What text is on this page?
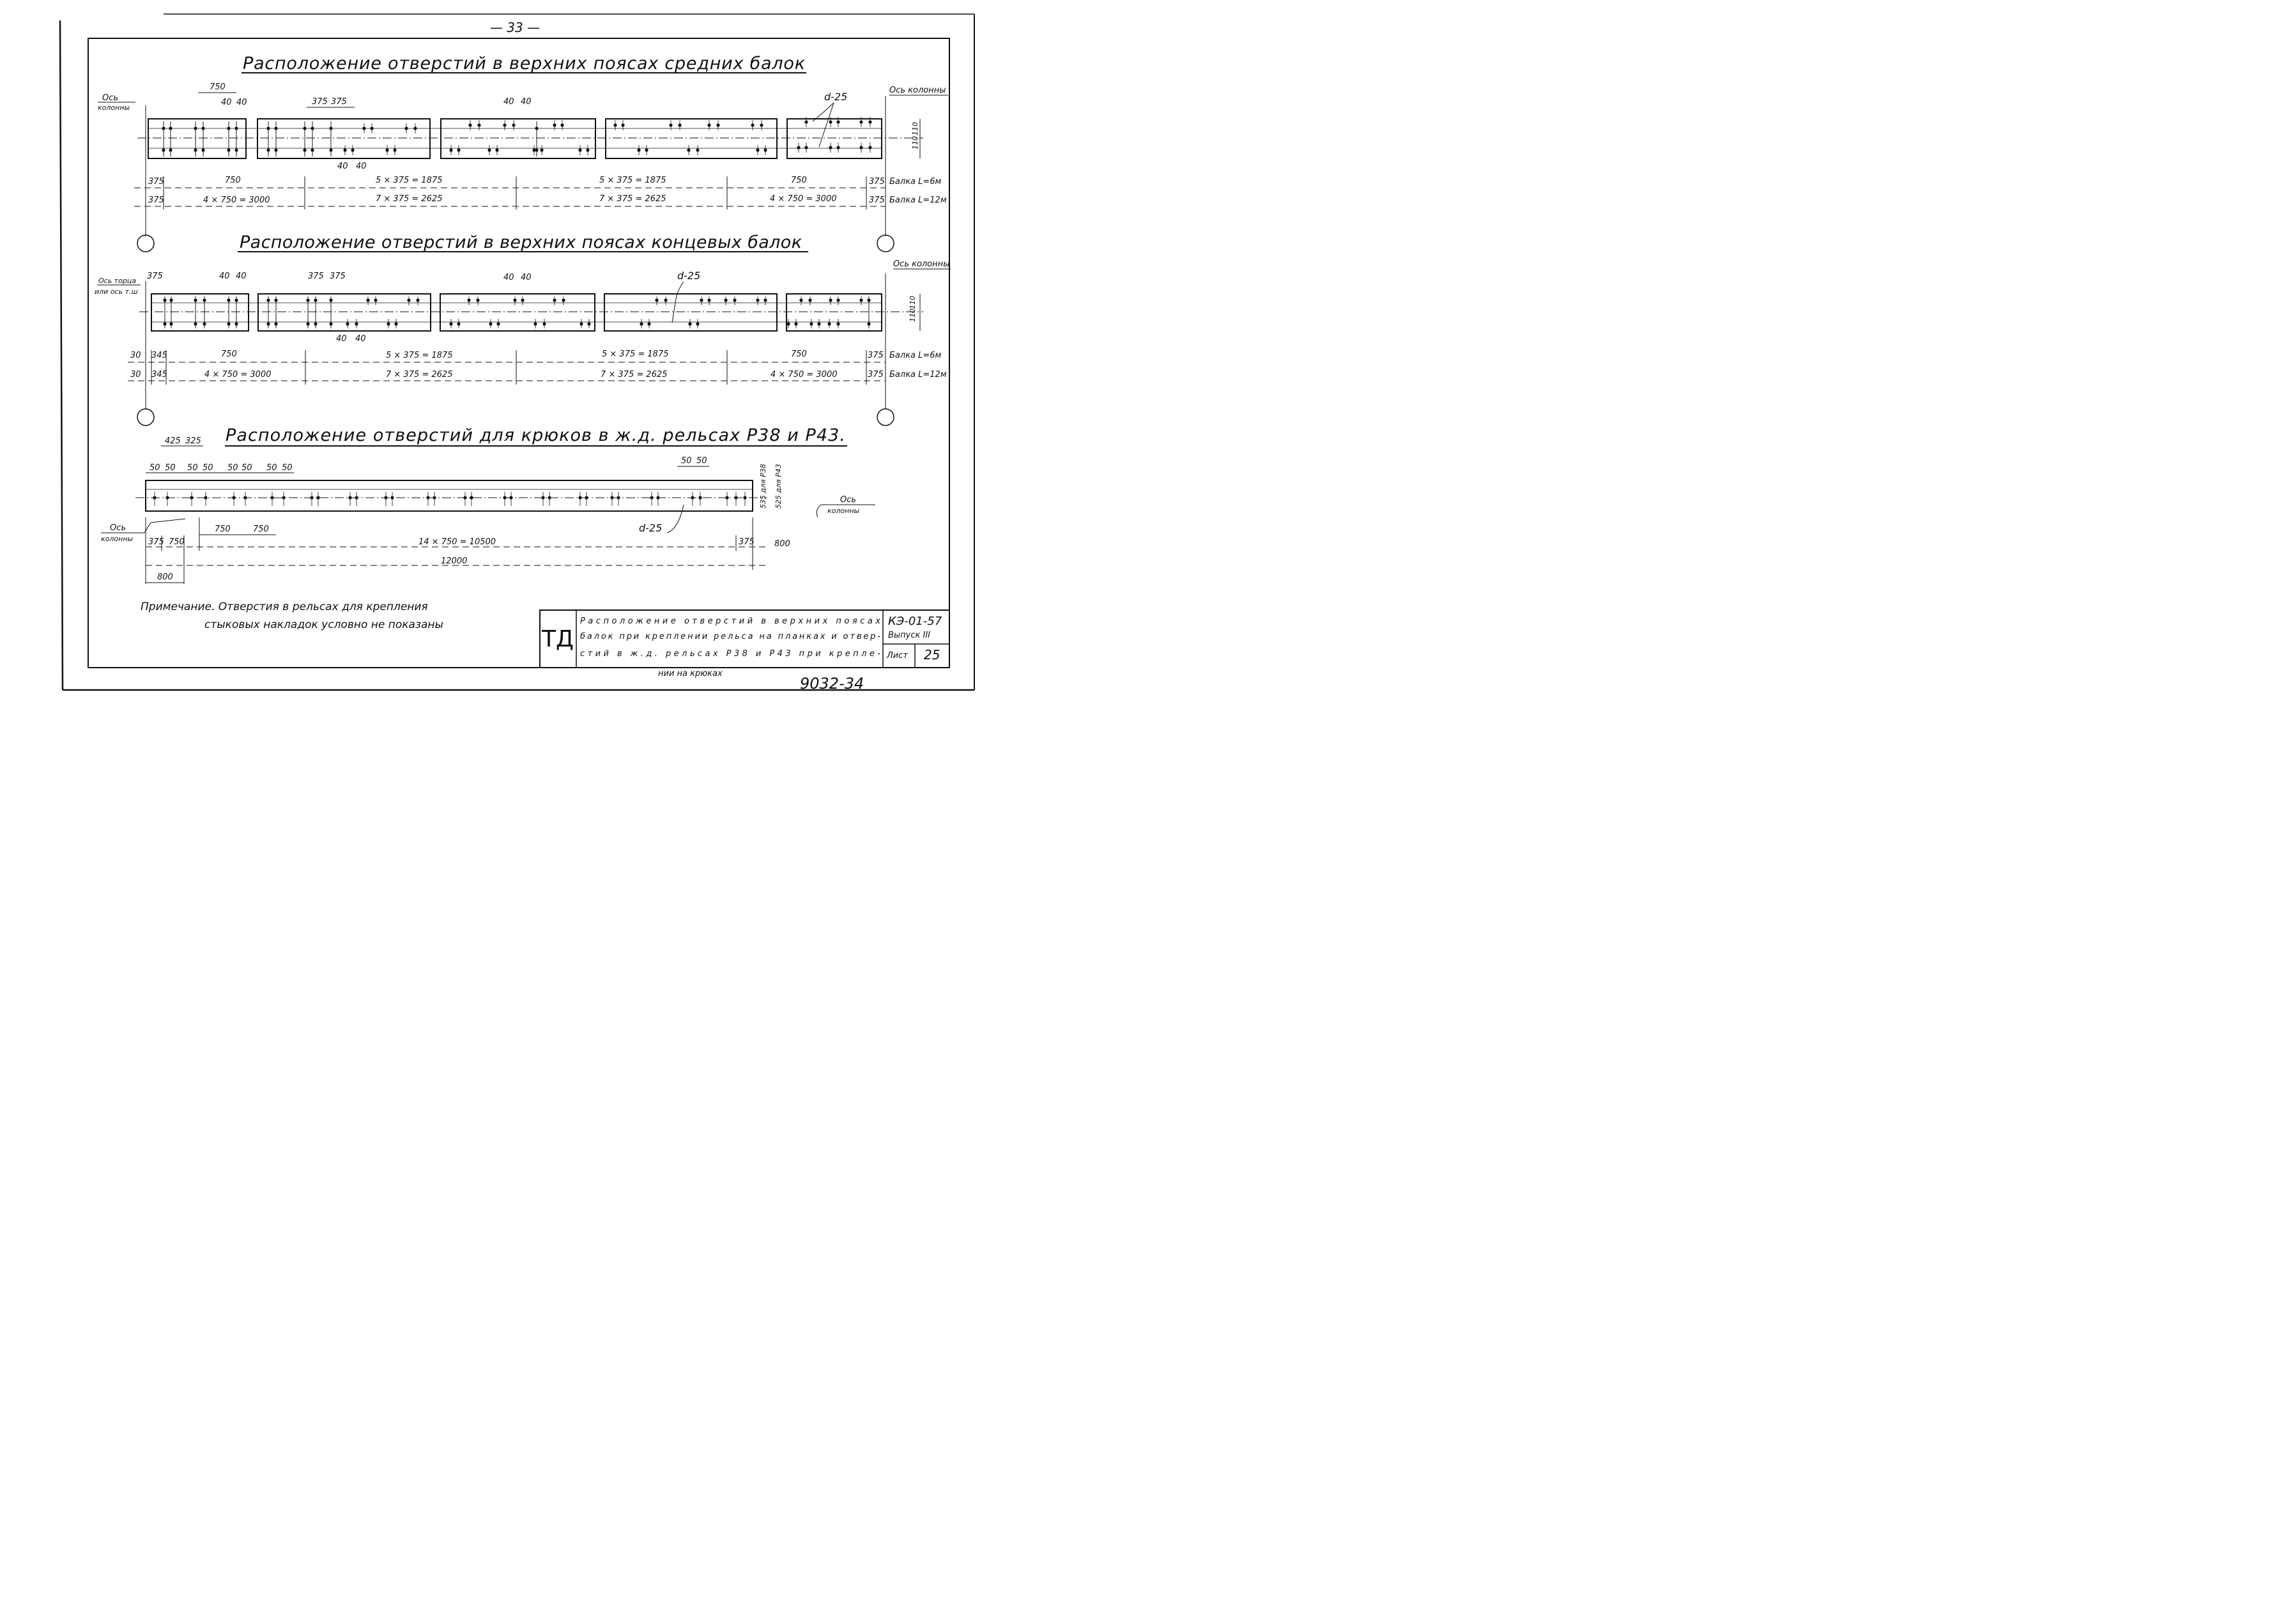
— 33 —
Расположение отверстий в верхних поясах средних балок
Ось
колонны
Ось колонны
750
40 40	375 375	40 40
40 40
d-25
110
110
375	750	5 × 375 = 1875	5 × 375 = 1875	750	375 Балка L=6м
375	4 × 750 = 3000	7 × 375 = 2625	7 × 375 = 2625	4 × 750 = 3000	375 Балка L=12м
Расположение отверстий в верхних поясах концевых балок
Ось торца
или ось т.ш
Ось колонны
375	40 40	375 375	40 40
40 40
d-25
110
110
30 345	750	5 × 375 = 1875	5 × 375 = 1875	750	375 Балка L=6м
30 345	4 × 750 = 3000	7 × 375 = 2625	7 × 375 = 2625	4 × 750 = 3000	375 Балка L=12м
Расположение отверстий для крюков в ж.д. рельсах Р38 и Р43.
425 325
50 50 50 50 50 50 50 50
50 50
535 для Р38 525 для Р43	Ось
колонны
Ось
колонны
d-25
750	750
375 750	14 × 750 = 10500	375 800
12000
800
Примечание. Отверстия в рельсах для крепления
стыковых накладок условно не показаны
ТД
Расположение отверстий в верхних поясах
балок при креплении рельса на планках и отвер-
стий в ж.д. рельсах Р38 и Р43 при крепле-
нии на крюках
КЭ-01-57
Выпуск III
Лист 25
9032-34
